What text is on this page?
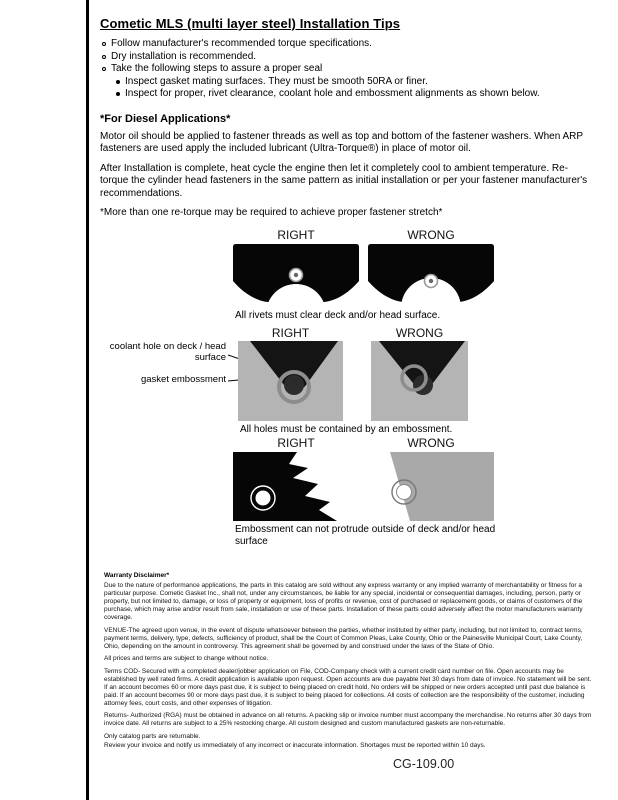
Cometic MLS (multi layer steel) Installation Tips
Follow manufacturer's recommended torque specifications.
Dry installation is recommended.
Take the following steps to assure a proper seal
Inspect gasket mating surfaces. They must be smooth 50RA or finer.
Inspect for proper, rivet clearance, coolant hole and embossment alignments as shown below.
*For Diesel Applications*

Motor oil should be applied to fastener threads as well as top and bottom of the fastener washers. When ARP fasteners are used apply the included lubricant (Ultra-Torque®) in place of motor oil.

After Installation is complete, heat cycle the engine then let it completely cool to ambient temperature. Re-torque the cylinder head fasteners in the same pattern as initial installation or per your fastener manufacturer's recommendations.

*More than one re-torque may be required to achieve proper fastener stretch*

RIGHT	WRONG
All rivets must clear deck and/or head surface.
coolant hole on deck / head surface
gasket embossment
RIGHT	WRONG
All holes must be contained by an embossment.
RIGHT	WRONG
Embossment can not protrude outside of deck and/or head surface
Warranty Disclaimer*

Due to the nature of performance applications, the parts in this catalog are sold without any express warranty or any implied warranty of merchantability or fitness for a particular purpose. Cometic Gasket Inc., shall not, under any circumstances, be liable for any special, incidental or consequential damages, including, person, party or property, but not limited to, damage, or loss of property or equipment, loss of profits or revenue, cost of purchased or replacement goods, or claims of customers of the purchase, which may arise and/or result from sale, installation or use of these parts. Installation of these parts could adversely affect the motor manufacturers warranty coverage.

VENUE-The agreed upon venue, in the event of dispute whatsoever between the parties, whether instituted by either party, including, but not limited to, contract terms, payment terms, delivery, type, defects, sufficiency of product, shall be the Court of Common Pleas, Lake County, Ohio or the Painesville Municipal Court, Lake County, Ohio, depending on the amount in controversy. This agreement shall be governed by and construed under the laws of the State of Ohio.

All prices and terms are subject to change without notice.

Terms COD- Secured with a completed dealer/jobber application on File, COD-Company check with a current credit card number on file. Open accounts may be established by well rated firms. A credit application is available upon request. Open accounts are due payable Net 30 days from date of invoice. No statement will be sent. If an account becomes 60 or more days past due, it is subject to being placed on credit hold. No orders will be shipped or new orders accepted until past due balance is paid. If an account becomes 90 or more days past due, it is subject to being placed for collections. All costs of collection are the responsibility of the customer, including attorney fees, court costs, and other expenses of litigation.

Returns- Authorized (RGA) must be obtained in advance on all returns. A packing slip or invoice number must accompany the merchandise. No returns after 30 days from invoice date. All returns are subject to a 25% restocking charge. All custom designed and custom manufactured gaskets are non-returnable.

Only catalog parts are returnable.

Review your invoice and notify us immediately of any incorrect or inaccurate information. Shortages must be reported within 10 days.

CG-109.00
